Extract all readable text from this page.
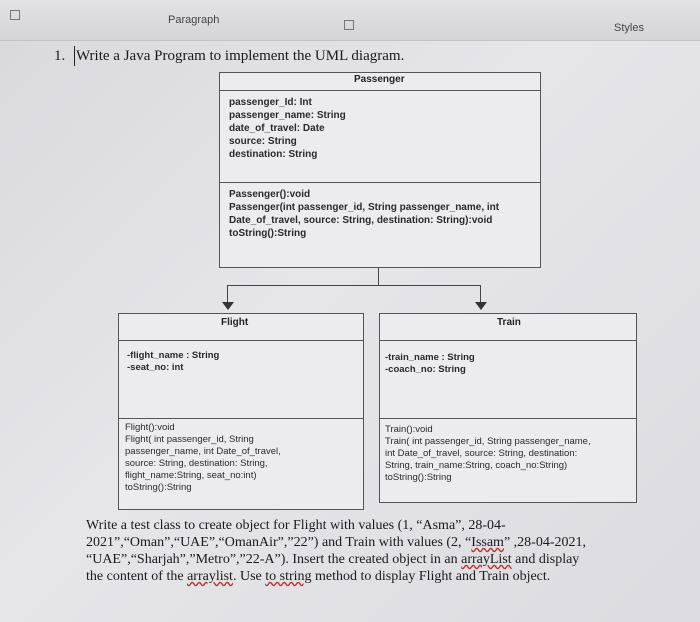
Paragraph
Styles
1. Write a Java Program to implement the UML diagram.
Passenger
passenger_Id: Int
passenger_name: String
date_of_travel: Date
source: String
destination: String
Passenger():void
Passenger(int passenger_id, String passenger_name, int
Date_of_travel, source: String, destination: String):void
toString():String
Flight
-flight_name : String
-seat_no: int
Flight():void
Flight( int passenger_id, String
passenger_name, int Date_of_travel,
source: String, destination: String,
flight_name:String, seat_no:int)
toString():String
Train
-train_name : String
-coach_no: String
Train():void
Train( int passenger_id, String passenger_name,
int Date_of_travel, source: String, destination:
String, train_name:String, coach_no:String)
toString():String
Write a test class to create object for Flight with values (1, “Asma”, 28-04-
2021”,“Oman”,“UAE”,“OmanAir”,”22”) and Train with values (2, “Issam” ,28-04-2021,
“UAE”,“Sharjah”,”Metro”,”22-A”). Insert the created object in an arrayList and display
the content of the arraylist. Use to string method to display Flight and Train object.
